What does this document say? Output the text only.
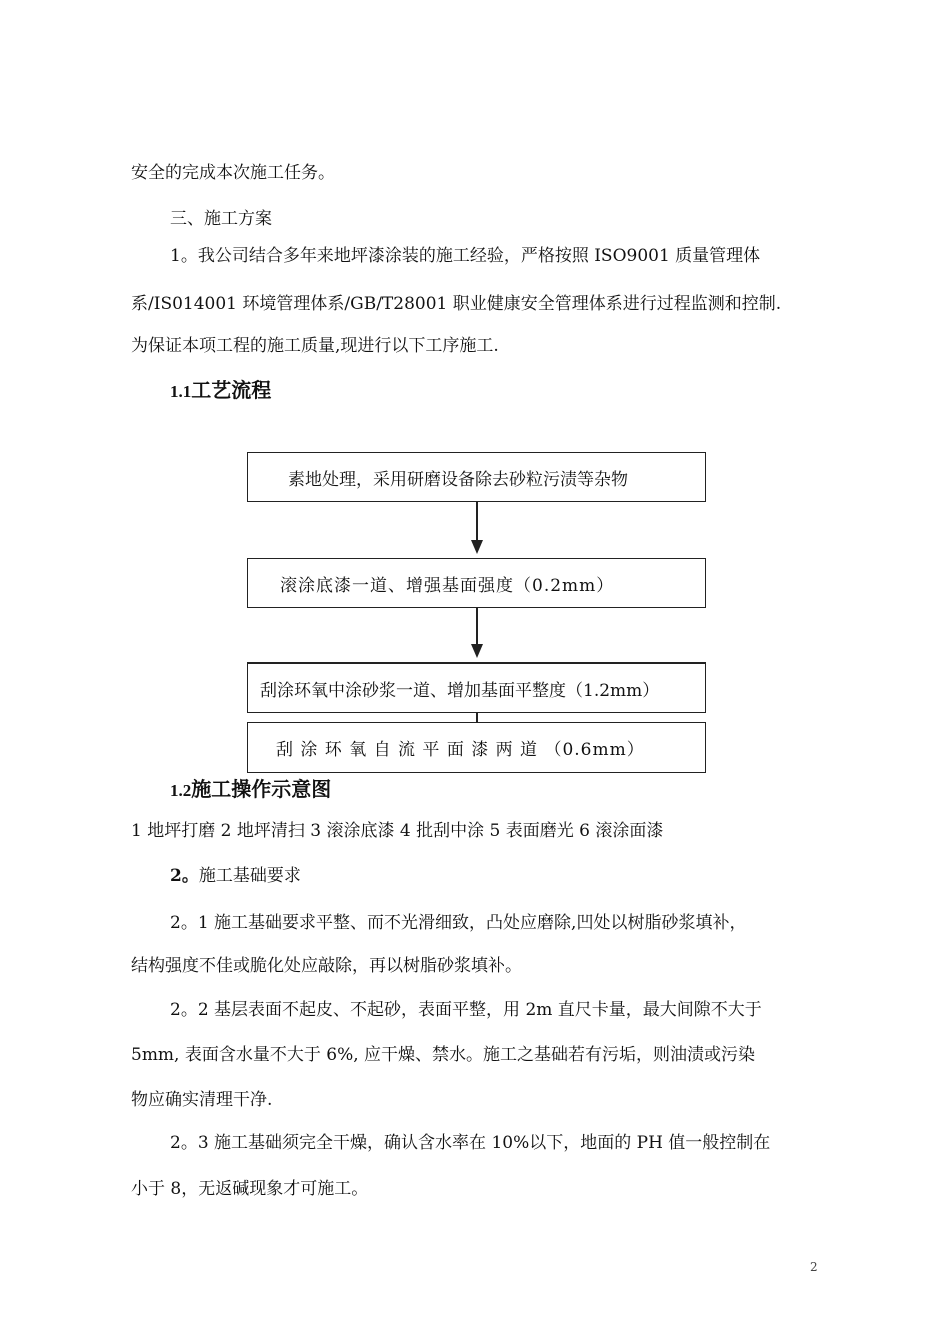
安全的完成本次施工任务。
三、施工方案
1。我公司结合多年来地坪漆涂装的施工经验，严格按照 ISO9001 质量管理体
系/IS014001 环境管理体系/GB/T28001 职业健康安全管理体系进行过程监测和控制.
为保证本项工程的施工质量,现进行以下工序施工.
1.1工艺流程
素地处理，采用研磨设备除去砂粒污渍等杂物
滚涂底漆一道、增强基面强度（0.2mm）
刮涂环氧中涂砂浆一道、增加基面平整度（1.2mm）
刮 涂 环 氧 自 流 平 面 漆 两 道 （0.6mm）
1.2施工操作示意图
1 地坪打磨 2 地坪清扫 3 滚涂底漆 4 批刮中涂 5 表面磨光 6 滚涂面漆
2。施工基础要求
2。1 施工基础要求平整、而不光滑细致，凸处应磨除,凹处以树脂砂浆填补，
结构强度不佳或脆化处应敲除，再以树脂砂浆填补。
2。2 基层表面不起皮、不起砂，表面平整，用 2m 直尺卡量，最大间隙不大于
5mm, 表面含水量不大于 6%, 应干燥、禁水。施工之基础若有污垢，则油渍或污染
物应确实清理干净.
2。3 施工基础须完全干燥，确认含水率在 10%以下，地面的 PH 值一般控制在
小于 8，无返碱现象才可施工。
2
